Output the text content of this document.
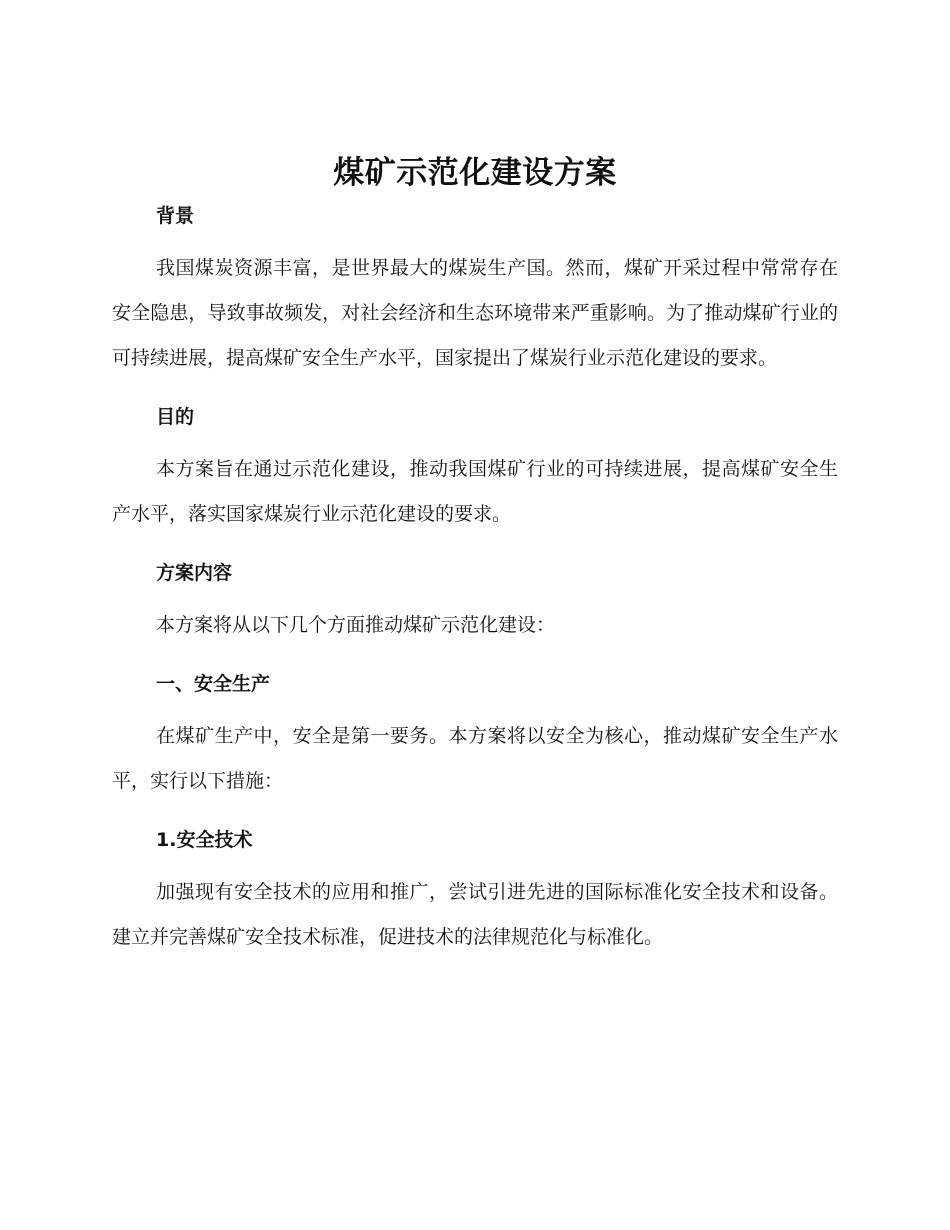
煤矿示范化建设方案
背景

我国煤炭资源丰富，是世界最大的煤炭生产国。然而，煤矿开采过程中常常存在安全隐患，导致事故频发，对社会经济和生态环境带来严重影响。为了推动煤矿行业的可持续进展，提高煤矿安全生产水平，国家提出了煤炭行业示范化建设的要求。

目的

本方案旨在通过示范化建设，推动我国煤矿行业的可持续进展，提高煤矿安全生产水平，落实国家煤炭行业示范化建设的要求。

方案内容

本方案将从以下几个方面推动煤矿示范化建设：

一、安全生产

在煤矿生产中，安全是第一要务。本方案将以安全为核心，推动煤矿安全生产水平，实行以下措施：

1.安全技术

加强现有安全技术的应用和推广，尝试引进先进的国际标准化安全技术和设备。建立并完善煤矿安全技术标准，促进技术的法律规范化与标准化。
